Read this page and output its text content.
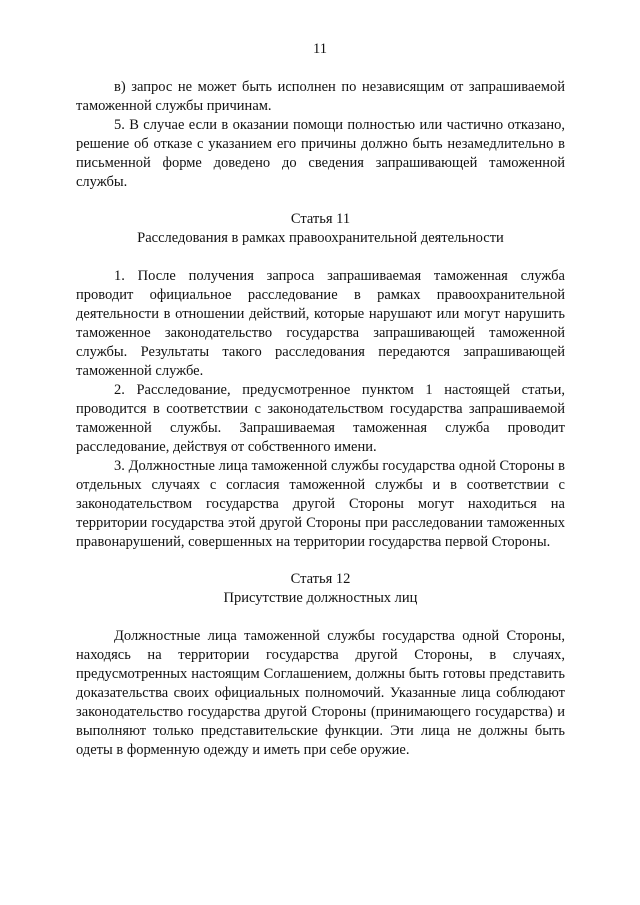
11

в) запрос не может быть исполнен по независящим от запрашиваемой таможенной службы причинам.

5. В случае если в оказании помощи полностью или частично отказано, решение об отказе с указанием его причины должно быть незамедлительно в письменной форме доведено до сведения запрашивающей таможенной службы.

Статья 11

Расследования в рамках правоохранительной деятельности

1. После получения запроса запрашиваемая таможенная служба проводит официальное расследование в рамках правоохранительной деятельности в отношении действий, которые нарушают или могут нарушить таможенное законодательство государства запрашивающей таможенной службы. Результаты такого расследования передаются запрашивающей таможенной службе.

2. Расследование, предусмотренное пунктом 1 настоящей статьи, проводится в соответствии с законодательством государства запрашиваемой таможенной службы. Запрашиваемая таможенная служба проводит расследование, действуя от собственного имени.

3. Должностные лица таможенной службы государства одной Стороны в отдельных случаях с согласия таможенной службы и в соответствии с законодательством государства другой Стороны могут находиться на территории государства этой другой Стороны при расследовании таможенных правонарушений, совершенных на территории государства первой Стороны.

Статья 12

Присутствие должностных лиц

Должностные лица таможенной службы государства одной Стороны, находясь на территории государства другой Стороны, в случаях, предусмотренных настоящим Соглашением, должны быть готовы представить доказательства своих официальных полномочий. Указанные лица соблюдают законодательство государства другой Стороны (принимающего государства) и выполняют только представительские функции. Эти лица не должны быть одеты в форменную одежду и иметь при себе оружие.
